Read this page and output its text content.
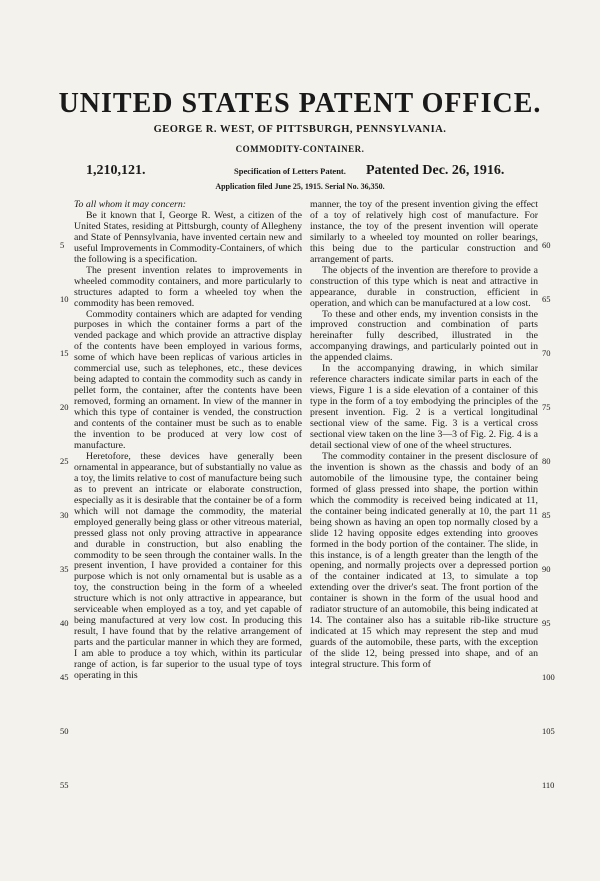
UNITED STATES PATENT OFFICE.
GEORGE R. WEST, OF PITTSBURGH, PENNSYLVANIA.
COMMODITY-CONTAINER.
1,210,121.	Specification of Letters Patent. Patented Dec. 26, 1916.
Application filed June 25, 1915. Serial No. 36,350.

To all whom it may concern:

Be it known that I, George R. West, a citizen of the United States, residing at Pittsburgh, county of Allegheny and State of Pennsylvania, have invented certain new and useful Improvements in Commodity-Containers, of which the following is a specification.

The present invention relates to improvements in wheeled commodity containers, and more particularly to structures adapted to form a wheeled toy when the commodity has been removed.

Commodity containers which are adapted for vending purposes in which the container forms a part of the vended package and which provide an attractive display of the contents have been employed in various forms, some of which have been replicas of various articles in commercial use, such as telephones, etc., these devices being adapted to contain the commodity such as candy in pellet form, the container, after the contents have been removed, forming an ornament. In view of the manner in which this type of container is vended, the construction and contents of the container must be such as to enable the invention to be produced at very low cost of manufacture.

Heretofore, these devices have generally been ornamental in appearance, but of substantially no value as a toy, the limits relative to cost of manufacture being such as to prevent an intricate or elaborate construction, especially as it is desirable that the container be of a form which will not damage the commodity, the material employed generally being glass or other vitreous material, pressed glass not only proving attractive in appearance and durable in construction, but also enabling the commodity to be seen through the container walls. In the present invention, I have provided a container for this purpose which is not only ornamental but is usable as a toy, the construction being in the form of a wheeled structure which is not only attractive in appearance, but serviceable when employed as a toy, and yet capable of being manufactured at very low cost. In producing this result, I have found that by the relative arrangement of parts and the particular manner in which they are formed, I am able to produce a toy which, within its particular range of action, is far superior to the usual type of toys operating in this

manner, the toy of the present invention giving the effect of a toy of relatively high cost of manufacture. For instance, the toy of the present invention will operate similarly to a wheeled toy mounted on roller bearings, this being due to the particular construction and arrangement of parts.

The objects of the invention are therefore to provide a construction of this type which is neat and attractive in appearance, durable in construction, efficient in operation, and which can be manufactured at a low cost.

To these and other ends, my invention consists in the improved construction and combination of parts hereinafter fully described, illustrated in the accompanying drawings, and particularly pointed out in the appended claims.

In the accompanying drawing, in which similar reference characters indicate similar parts in each of the views, Figure 1 is a side elevation of a container of this type in the form of a toy embodying the principles of the present invention. Fig. 2 is a vertical longitudinal sectional view of the same. Fig. 3 is a vertical cross sectional view taken on the line 3—3 of Fig. 2. Fig. 4 is a detail sectional view of one of the wheel structures.

The commodity container in the present disclosure of the invention is shown as the chassis and body of an automobile of the limousine type, the container being formed of glass pressed into shape, the portion within which the commodity is received being indicated at 11, the container being indicated generally at 10, the part 11 being shown as having an open top normally closed by a slide 12 having opposite edges extending into grooves formed in the body portion of the container. The slide, in this instance, is of a length greater than the length of the opening, and normally projects over a depressed portion of the container indicated at 13, to simulate a top extending over the driver's seat. The front portion of the container is shown in the form of the usual hood and radiator structure of an automobile, this being indicated at 14. The container also has a suitable rib-like structure indicated at 15 which may represent the step and mud guards of the automobile, these parts, with the exception of the slide 12, being pressed into shape, and of an integral structure. This form of

5
10
15
20
25
30
35
40
45
50
55
60
65
70
75
80
85
90
95
100
105
110
